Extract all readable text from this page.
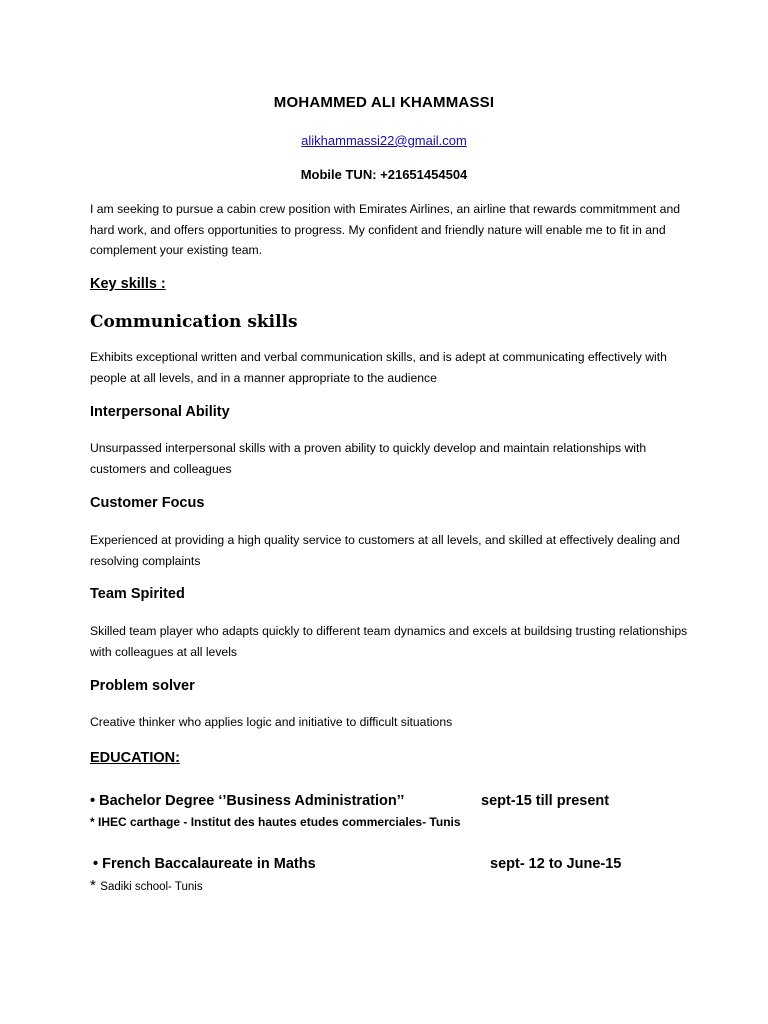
MOHAMMED ALI KHAMMASSI
alikhammassi22@gmail.com
Mobile TUN: +21651454504
I am seeking to pursue a cabin crew position with Emirates Airlines, an airline that rewards commitmment and hard work, and offers opportunities to progress. My confident and friendly nature will enable me to fit in and complement your existing team.
Key skills :
Communication skills
Exhibits exceptional written and verbal communication skills, and is adept at communicating effectively with people at all levels, and in a manner appropriate to the audience
Interpersonal Ability
Unsurpassed interpersonal skills with a proven ability to quickly develop and maintain relationships with customers and colleagues
Customer Focus
Experienced at providing a high quality service to customers at all levels, and skilled at effectively dealing and resolving complaints
Team Spirited
Skilled team player who adapts quickly to different team dynamics and excels at buildsing trusting relationships with colleagues at all levels
Problem solver
Creative thinker who applies logic and initiative to difficult situations
EDUCATION:
• Bachelor Degree ‘’Business Administration’’	sept-15 till present
* IHEC carthage - Institut des hautes etudes commerciales- Tunis
• French Baccalaureate in Maths	sept- 12 to June-15
* Sadiki school- Tunis
